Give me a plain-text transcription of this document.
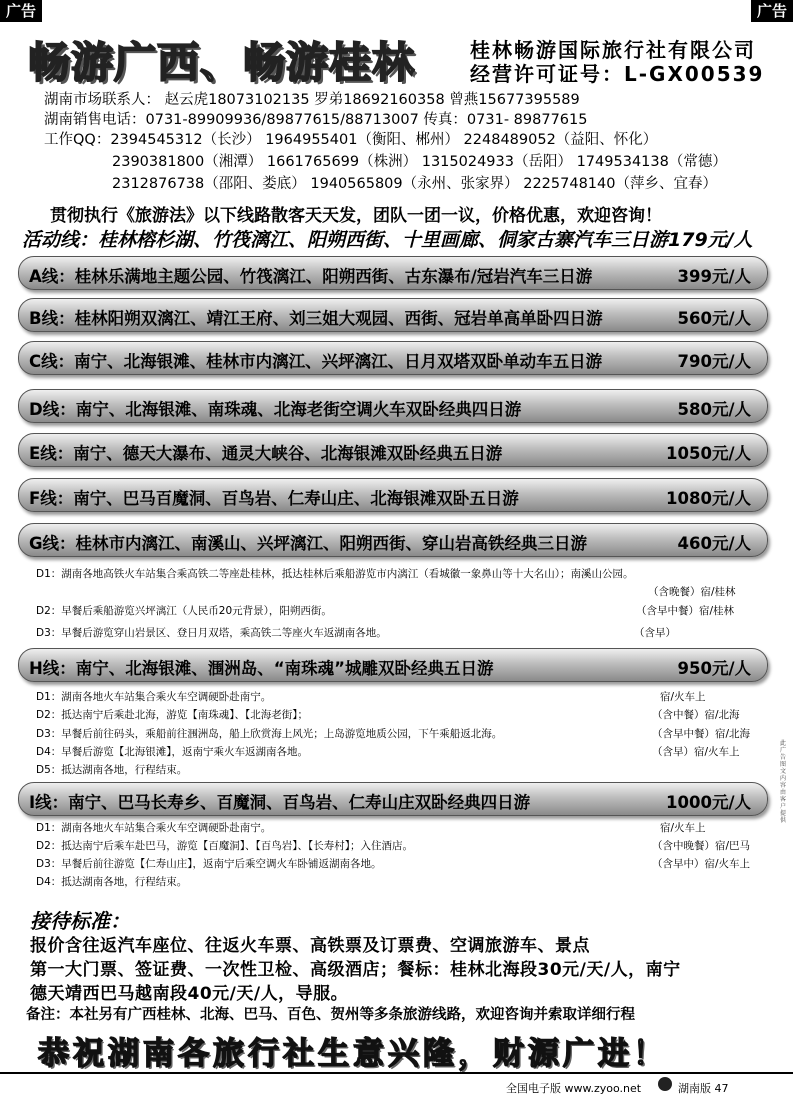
广告	广告
畅游广西、畅游桂林	桂林畅游国际旅行社有限公司
经营许可证号：L-GX00539
湖南市场联系人： 赵云虎18073102135 罗弟18692160358 曾燕15677395589
湖南销售电话：0731-89909936/89877615/88713007 传真：0731- 89877615
工作QQ：2394545312（长沙） 1964955401（衡阳、郴州） 2248489052（益阳、怀化）
2390381800（湘潭） 1661765699（株洲） 1315024933（岳阳） 1749534138（常德）
2312876738（邵阳、娄底） 1940565809（永州、张家界） 2225748140（萍乡、宜春）
贯彻执行《旅游法》以下线路散客天天发，团队一团一议，价格优惠，欢迎咨询！
活动线：桂林榕杉湖、竹筏漓江、阳朔西街、十里画廊、侗家古寨汽车三日游179元/人
A线：桂林乐满地主题公园、竹筏漓江、阳朔西街、古东瀑布/冠岩汽车三日游	399元/人
B线：桂林阳朔双漓江、靖江王府、刘三姐大观园、西街、冠岩单高单卧四日游	560元/人
C线：南宁、北海银滩、桂林市内漓江、兴坪漓江、日月双塔双卧单动车五日游	790元/人
D线：南宁、北海银滩、南珠魂、北海老街空调火车双卧经典四日游	580元/人
E线：南宁、德天大瀑布、通灵大峡谷、北海银滩双卧经典五日游	1050元/人
F线：南宁、巴马百魔洞、百鸟岩、仁寿山庄、北海银滩双卧五日游	1080元/人
G线：桂林市内漓江、南溪山、兴坪漓江、阳朔西街、穿山岩高铁经典三日游	460元/人
D1：湖南各地高铁火车站集合乘高铁二等座赴桂林，抵达桂林后乘船游览市内漓江（看城徽一象鼻山等十大名山）；南溪山公园。
（含晚餐）宿/桂林
D2：早餐后乘船游览兴坪漓江（人民币20元背景），阳朔西街。	（含早中餐）宿/桂林
D3：早餐后游览穿山岩景区、登日月双塔，乘高铁二等座火车返湖南各地。	（含早）
H线：南宁、北海银滩、涠洲岛、“南珠魂”城雕双卧经典五日游	950元/人
D1：湖南各地火车站集合乘火车空调硬卧赴南宁。	宿/火车上
D2：抵达南宁后乘赴北海，游览【南珠魂】、【北海老街】；	（含中餐）宿/北海
D3：早餐后前往码头，乘船前往涠洲岛，船上欣赏海上风光；上岛游览地质公园，下午乘船返北海。	（含早中餐）宿/北海
D4：早餐后游览【北海银滩】，返南宁乘火车返湖南各地。	（含早）宿/火车上
D5：抵达湖南各地，行程结束。
I线：南宁、巴马长寿乡、百魔洞、百鸟岩、仁寿山庄双卧经典四日游	1000元/人
D1：湖南各地火车站集合乘火车空调硬卧赴南宁。	宿/火车上
D2：抵达南宁后乘车赴巴马，游览【百魔洞】、【百鸟岩】、【长寿村】；入住酒店。	（含中晚餐）宿/巴马
D3：早餐后前往游览【仁寿山庄】，返南宁后乘空调火车卧铺返湖南各地。	（含早中）宿/火车上
D4：抵达湖南各地，行程结束。
接待标准：
报价含往返汽车座位、往返火车票、高铁票及订票费、空调旅游车、景点
第一大门票、签证费、一次性卫检、高级酒店；餐标：桂林北海段30元/天/人，南宁
德天靖西巴马越南段40元/天/人，导服。
备注：本社另有广西桂林、北海、巴马、百色、贺州等多条旅游线路，欢迎咨询并索取详细行程
恭祝湖南各旅行社生意兴隆，财源广进！
此广告图文内容由客户提供
全国电子版 www.zyoo.net	湖南版 47
